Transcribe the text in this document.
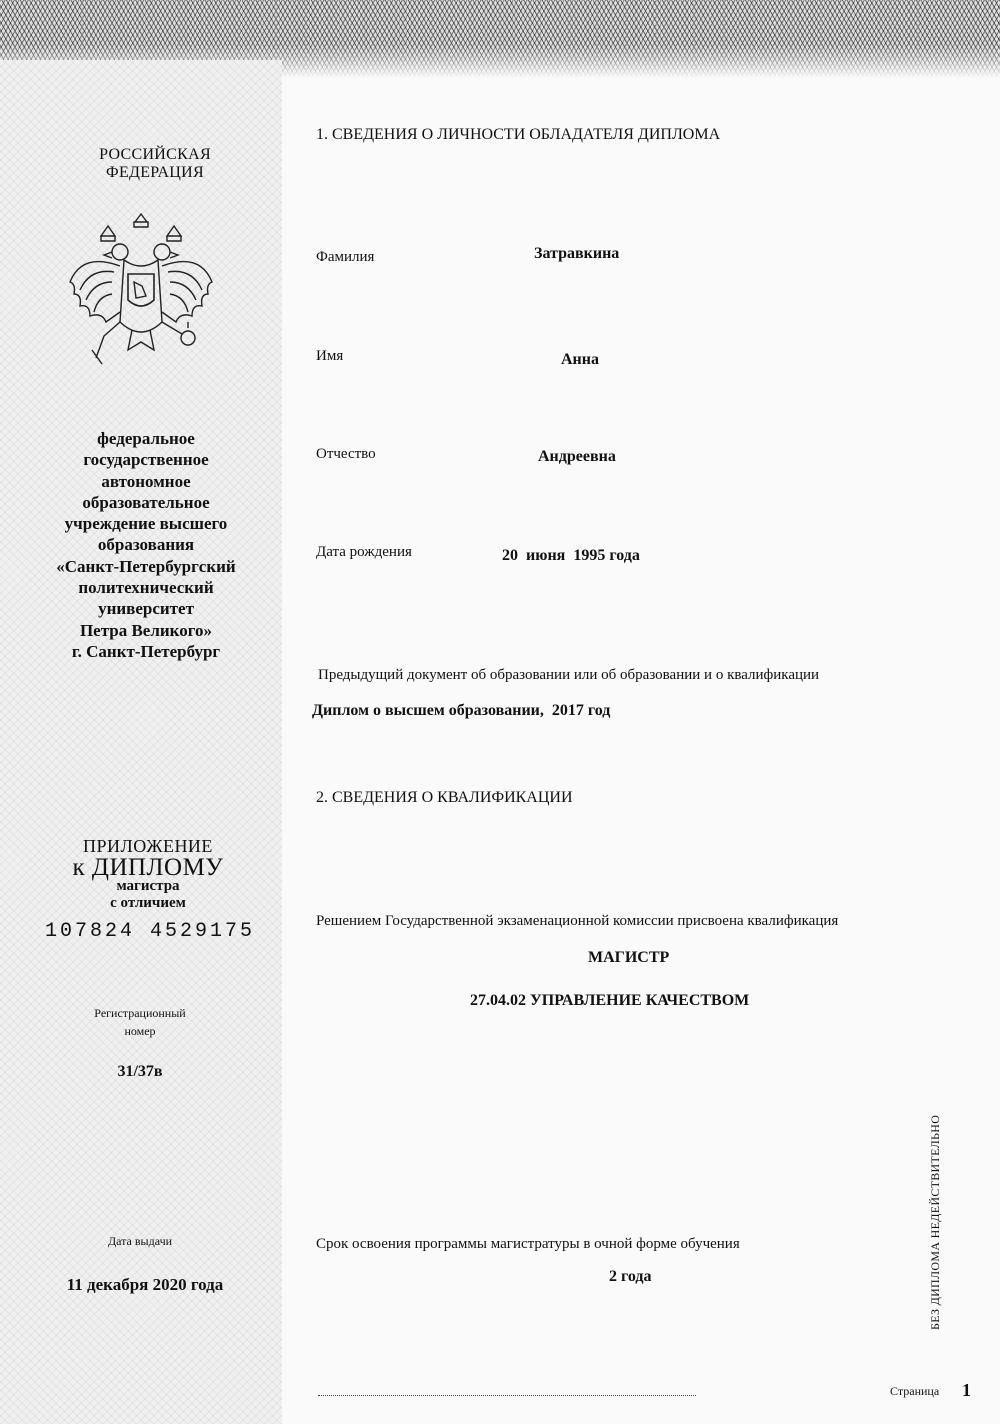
РОССИЙСКАЯ
ФЕДЕРАЦИЯ
федеральное
государственное
автономное
образовательное
учреждение высшего
образования
«Санкт-Петербургский
политехнический
университет
Петра Великого»
г. Санкт-Петербург
ПРИЛОЖЕНИЕ
к ДИПЛОМУ
магистра
с отличием
107824 4529175
Регистрационный
номер
31/37в
Дата выдачи
11 декабря 2020 года
1. СВЕДЕНИЯ О ЛИЧНОСТИ ОБЛАДАТЕЛЯ ДИПЛОМА
Фамилия	Затравкина
Имя	Анна
Отчество	Андреевна
Дата рождения	20  июня  1995 года
Предыдущий документ об образовании или об образовании и о квалификации
Диплом о высшем образовании,  2017 год
2. СВЕДЕНИЯ О КВАЛИФИКАЦИИ
Решением Государственной экзаменационной комиссии присвоена квалификация
МАГИСТР
27.04.02 УПРАВЛЕНИЕ КАЧЕСТВОМ
Срок освоения программы магистратуры в очной форме обучения
2 года	БЕЗ ДИПЛОМА НЕДЕЙСТВИТЕЛЬНО
Страница 1
